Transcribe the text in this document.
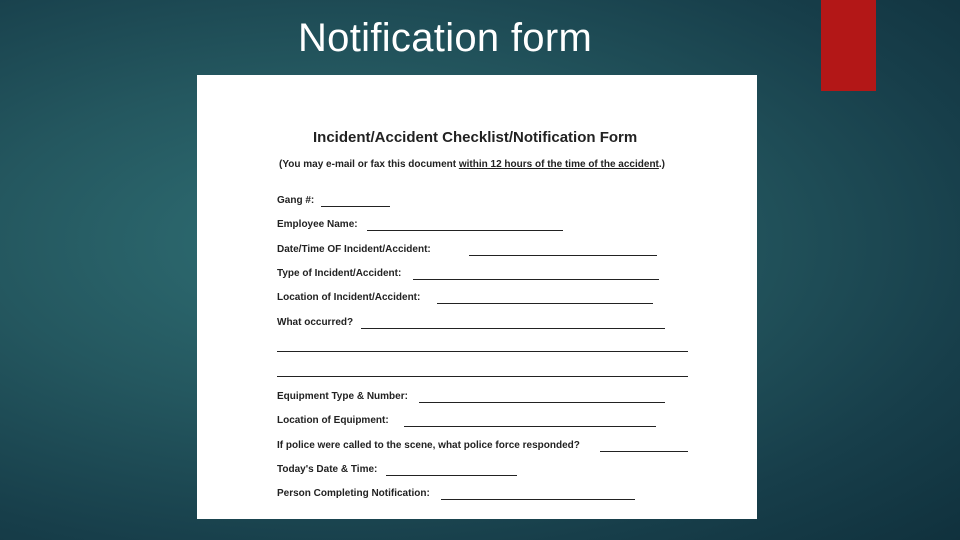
Notification form
Incident/Accident Checklist/Notification Form
(You may e-mail or fax this document within 12 hours of the time of the accident.)
Gang #:
Employee Name:
Date/Time OF Incident/Accident:
Type of Incident/Accident:
Location of Incident/Accident:
What occurred?
Equipment Type & Number:
Location of Equipment:
If police were called to the scene, what police force responded?
Today's Date & Time:
Person Completing Notification:
